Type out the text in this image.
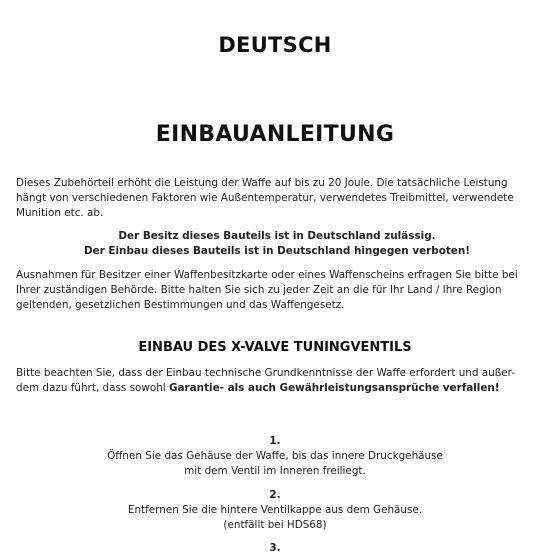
DEUTSCH
EINBAUANLEITUNG
Dieses Zubehörteil erhöht die Leistung der Waffe auf bis zu 20 Joule. Die tatsächliche Leistung
hängt von verschiedenen Faktoren wie Außentemperatur, verwendetes Treibmittel, verwendete
Munition etc. ab.
Der Besitz dieses Bauteils ist in Deutschland zulässig.
Der Einbau dieses Bauteils ist in Deutschland hingegen verboten!
Ausnahmen für Besitzer einer Waffenbesitzkarte oder eines Waffenscheins erfragen Sie bitte bei
Ihrer zuständigen Behörde. Bitte halten Sie sich zu jeder Zeit an die für Ihr Land / Ihre Region
geltenden, gesetzlichen Bestimmungen und das Waffengesetz.
EINBAU DES X-VALVE TUNINGVENTILS
Bitte beachten Sie, dass der Einbau technische Grundkenntnisse der Waffe erfordert und außer-
dem dazu führt, dass sowohl Garantie- als auch Gewährleistungsansprüche verfallen!
1.
Öffnen Sie das Gehäuse der Waffe, bis das innere Druckgehäuse
mit dem Ventil im Inneren freiliegt.
2.
Entfernen Sie die hintere Ventilkappe aus dem Gehäuse.
(entfällt bei HDS68)
3.
